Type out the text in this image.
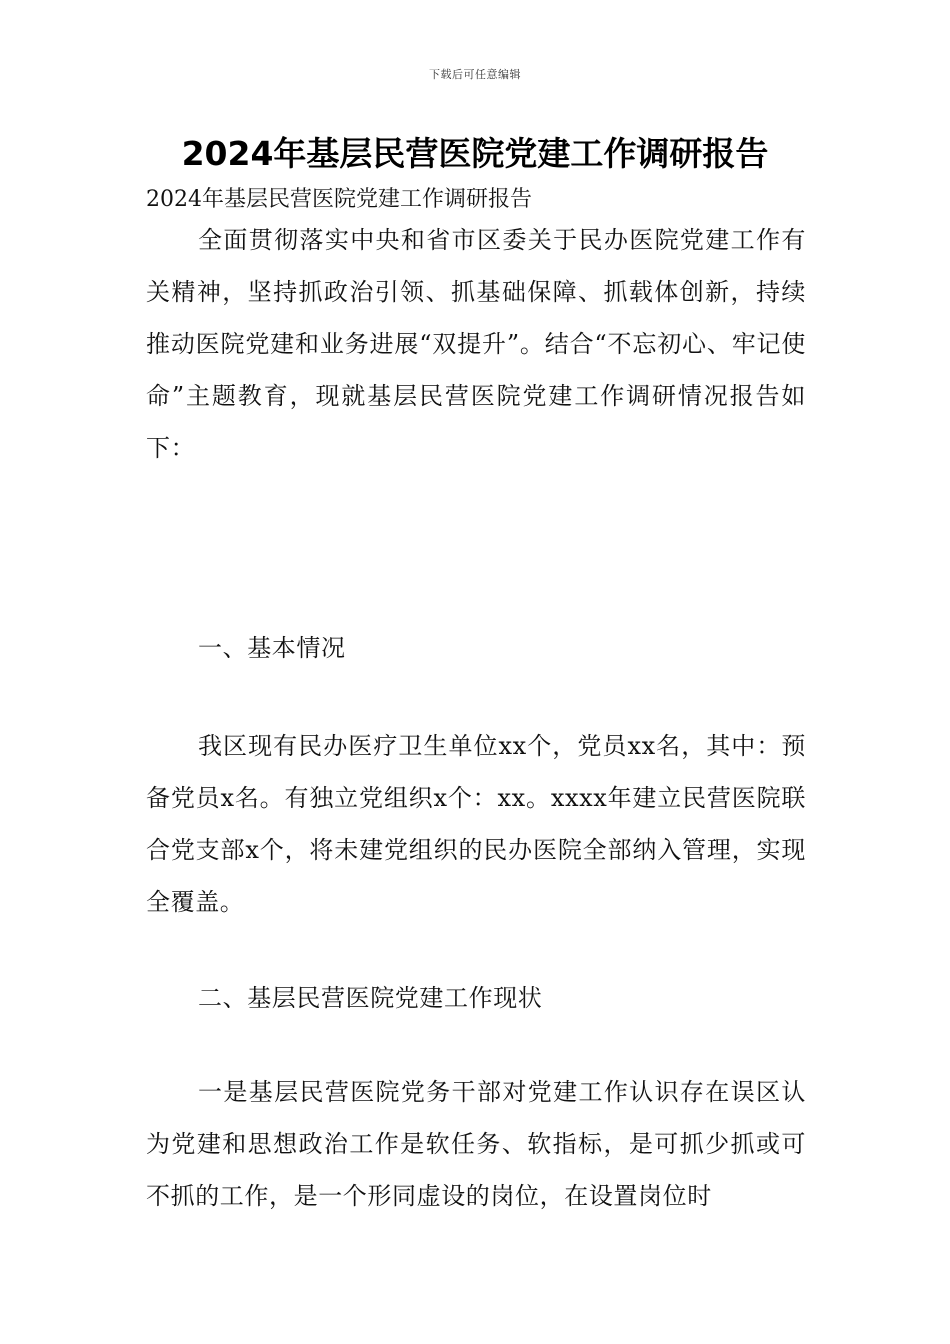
下载后可任意编辑
2024年基层民营医院党建工作调研报告

2024年基层民营医院党建工作调研报告

全面贯彻落实中央和省市区委关于民办医院党建工作有关精神，坚持抓政治引领、抓基础保障、抓载体创新，持续推动医院党建和业务进展“双提升”。结合“不忘初心、牢记使命”主题教育，现就基层民营医院党建工作调研情况报告如下：

一、基本情况

我区现有民办医疗卫生单位xx个，党员xx名，其中：预备党员x名。有独立党组织x个：xx。xxxx年建立民营医院联合党支部x个，将未建党组织的民办医院全部纳入管理，实现全覆盖。

二、基层民营医院党建工作现状

一是基层民营医院党务干部对党建工作认识存在误区认为党建和思想政治工作是软任务、软指标，是可抓少抓或可不抓的工作，是一个形同虚设的岗位，在设置岗位时
